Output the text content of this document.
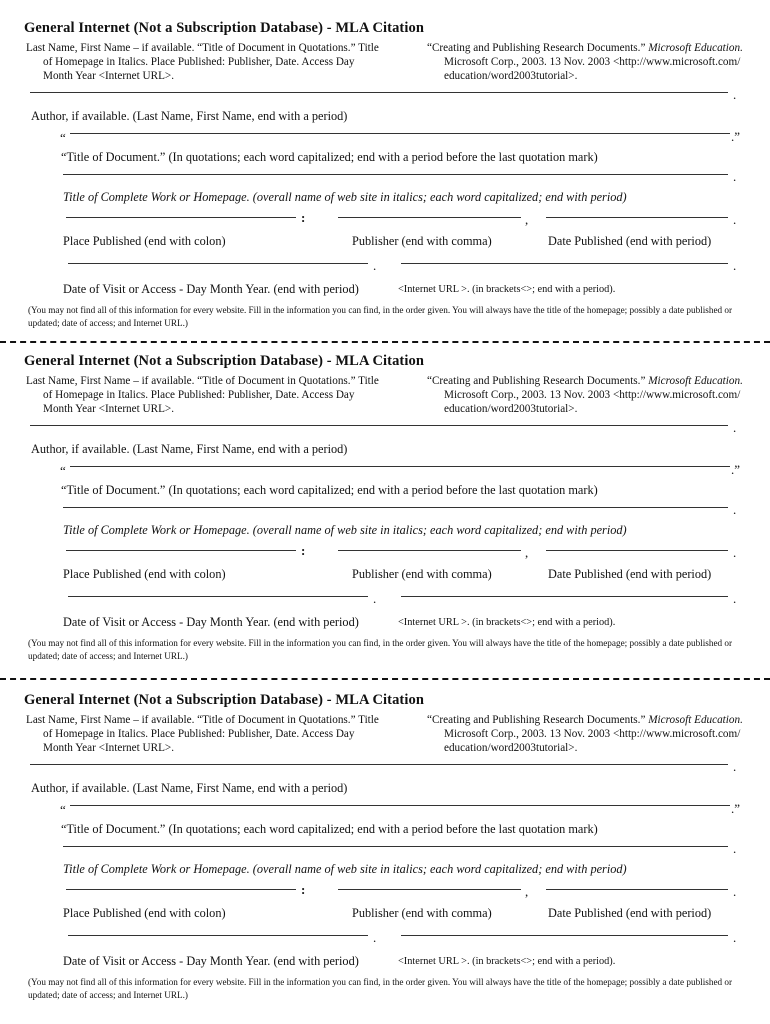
General Internet (Not a Subscription Database) - MLA Citation
Last Name, First Name – if available. “Title of Document in Quotations.” Title
of Homepage in Italics. Place Published: Publisher, Date. Access Day
Month Year <Internet URL>.
“Creating and Publishing Research Documents.” Microsoft Education.
Microsoft Corp., 2003. 13 Nov. 2003 <http://www.microsoft.com/
education/word2003tutorial>.
.
Author, if available. (Last Name, First Name, end with a period)
“	.”
“Title of Document.” (In quotations; each word capitalized; end with a period before the last quotation mark)
.
Title of Complete Work or Homepage. (overall name of web site in italics; each word capitalized; end with period)
:	,	.
Place Published (end with colon)	Publisher (end with comma)	Date Published (end with period)
.	.
Date of Visit or Access - Day Month Year. (end with period)	<Internet URL >. (in brackets<>; end with a period).
(You may not find all of this information for every website. Fill in the information you can find, in the order given. You will always have the title of the homepage; possibly a date published or updated; date of access; and Internet URL.)
General Internet (Not a Subscription Database) - MLA Citation
Last Name, First Name – if available. “Title of Document in Quotations.” Title
of Homepage in Italics. Place Published: Publisher, Date. Access Day
Month Year <Internet URL>.
“Creating and Publishing Research Documents.” Microsoft Education.
Microsoft Corp., 2003. 13 Nov. 2003 <http://www.microsoft.com/
education/word2003tutorial>.
.
Author, if available. (Last Name, First Name, end with a period)
“	.”
“Title of Document.” (In quotations; each word capitalized; end with a period before the last quotation mark)
.
Title of Complete Work or Homepage. (overall name of web site in italics; each word capitalized; end with period)
:	,	.
Place Published (end with colon)	Publisher (end with comma)	Date Published (end with period)
.	.
Date of Visit or Access - Day Month Year. (end with period)	<Internet URL >. (in brackets<>; end with a period).
(You may not find all of this information for every website. Fill in the information you can find, in the order given. You will always have the title of the homepage; possibly a date published or updated; date of access; and Internet URL.)
General Internet (Not a Subscription Database) - MLA Citation
Last Name, First Name – if available. “Title of Document in Quotations.” Title
of Homepage in Italics. Place Published: Publisher, Date. Access Day
Month Year <Internet URL>.
“Creating and Publishing Research Documents.” Microsoft Education.
Microsoft Corp., 2003. 13 Nov. 2003 <http://www.microsoft.com/
education/word2003tutorial>.
.
Author, if available. (Last Name, First Name, end with a period)
“	.”
“Title of Document.” (In quotations; each word capitalized; end with a period before the last quotation mark)
.
Title of Complete Work or Homepage. (overall name of web site in italics; each word capitalized; end with period)
:	,	.
Place Published (end with colon)	Publisher (end with comma)	Date Published (end with period)
.	.
Date of Visit or Access - Day Month Year. (end with period)	<Internet URL >. (in brackets<>; end with a period).
(You may not find all of this information for every website. Fill in the information you can find, in the order given. You will always have the title of the homepage; possibly a date published or updated; date of access; and Internet URL.)
